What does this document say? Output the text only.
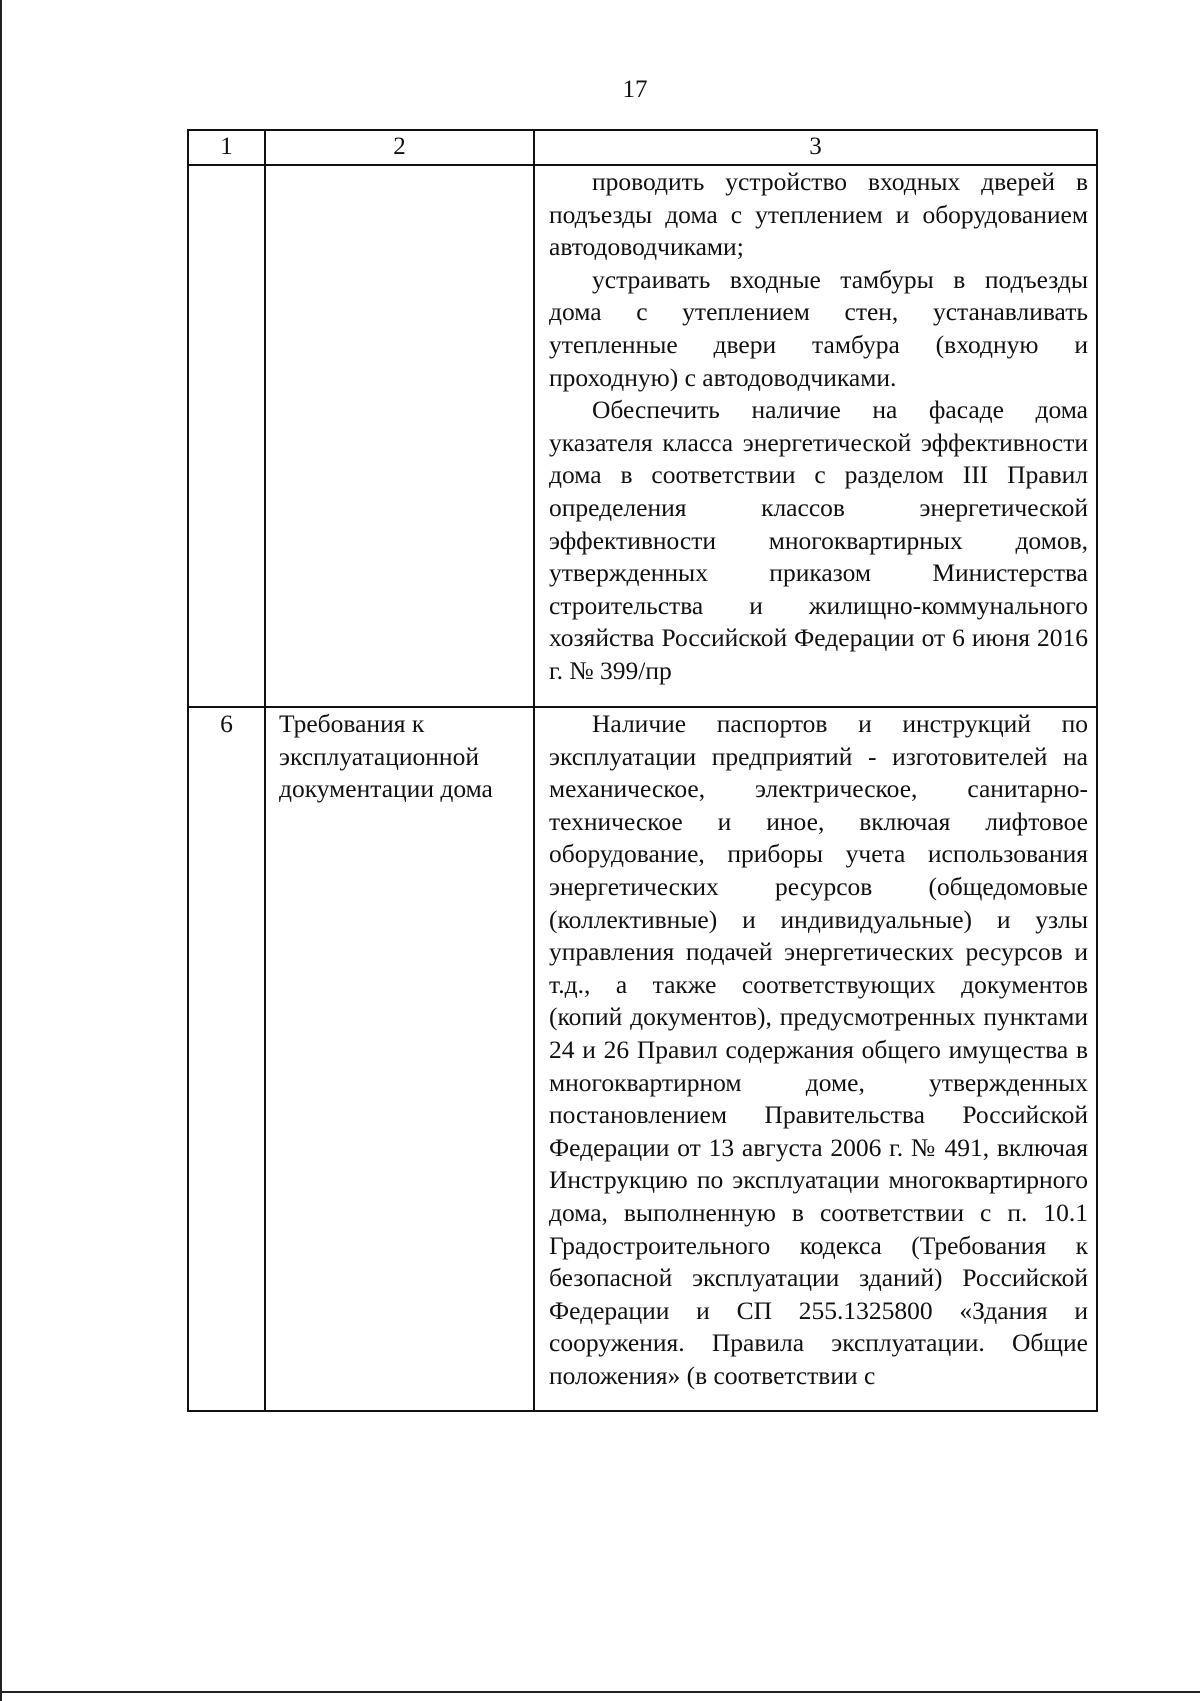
17
1	2	3

		проводить устройство входных дверей в подъезды дома с утеплением и оборудованием автодоводчиками;

устраивать входные тамбуры в подъезды дома с утеплением стен, устанавливать утепленные двери тамбура (входную и проходную) с автодоводчиками.

Обеспечить наличие на фасаде дома указателя класса энергетической эффективности дома в соответствии с разделом III Правил определения классов энергетической эффективности многоквартирных домов, утвержденных приказом Министерства строительства и жилищно-коммунального хозяйства Российской Федерации от 6 июня 2016 г. № 399/пр

6	Требования к эксплуатационной документации дома	Наличие паспортов и инструкций по эксплуатации предприятий - изготовителей на механическое, электрическое, санитарно-техническое и иное, включая лифтовое оборудование, приборы учета использования энергетических ресурсов (общедомовые (коллективные) и индивидуальные) и узлы управления подачей энергетических ресурсов и т.д., а также соответствующих документов (копий документов), предусмотренных пунктами 24 и 26 Правил содержания общего имущества в многоквартирном доме, утвержденных постановлением Правительства Российской Федерации от 13 августа 2006 г. № 491, включая Инструкцию по эксплуатации многоквартирного дома, выполненную в соответствии с п. 10.1 Градостроительного кодекса (Требования к безопасной эксплуатации зданий) Российской Федерации и СП 255.1325800 «Здания и сооружения. Правила эксплуатации. Общие положения» (в соответствии с
